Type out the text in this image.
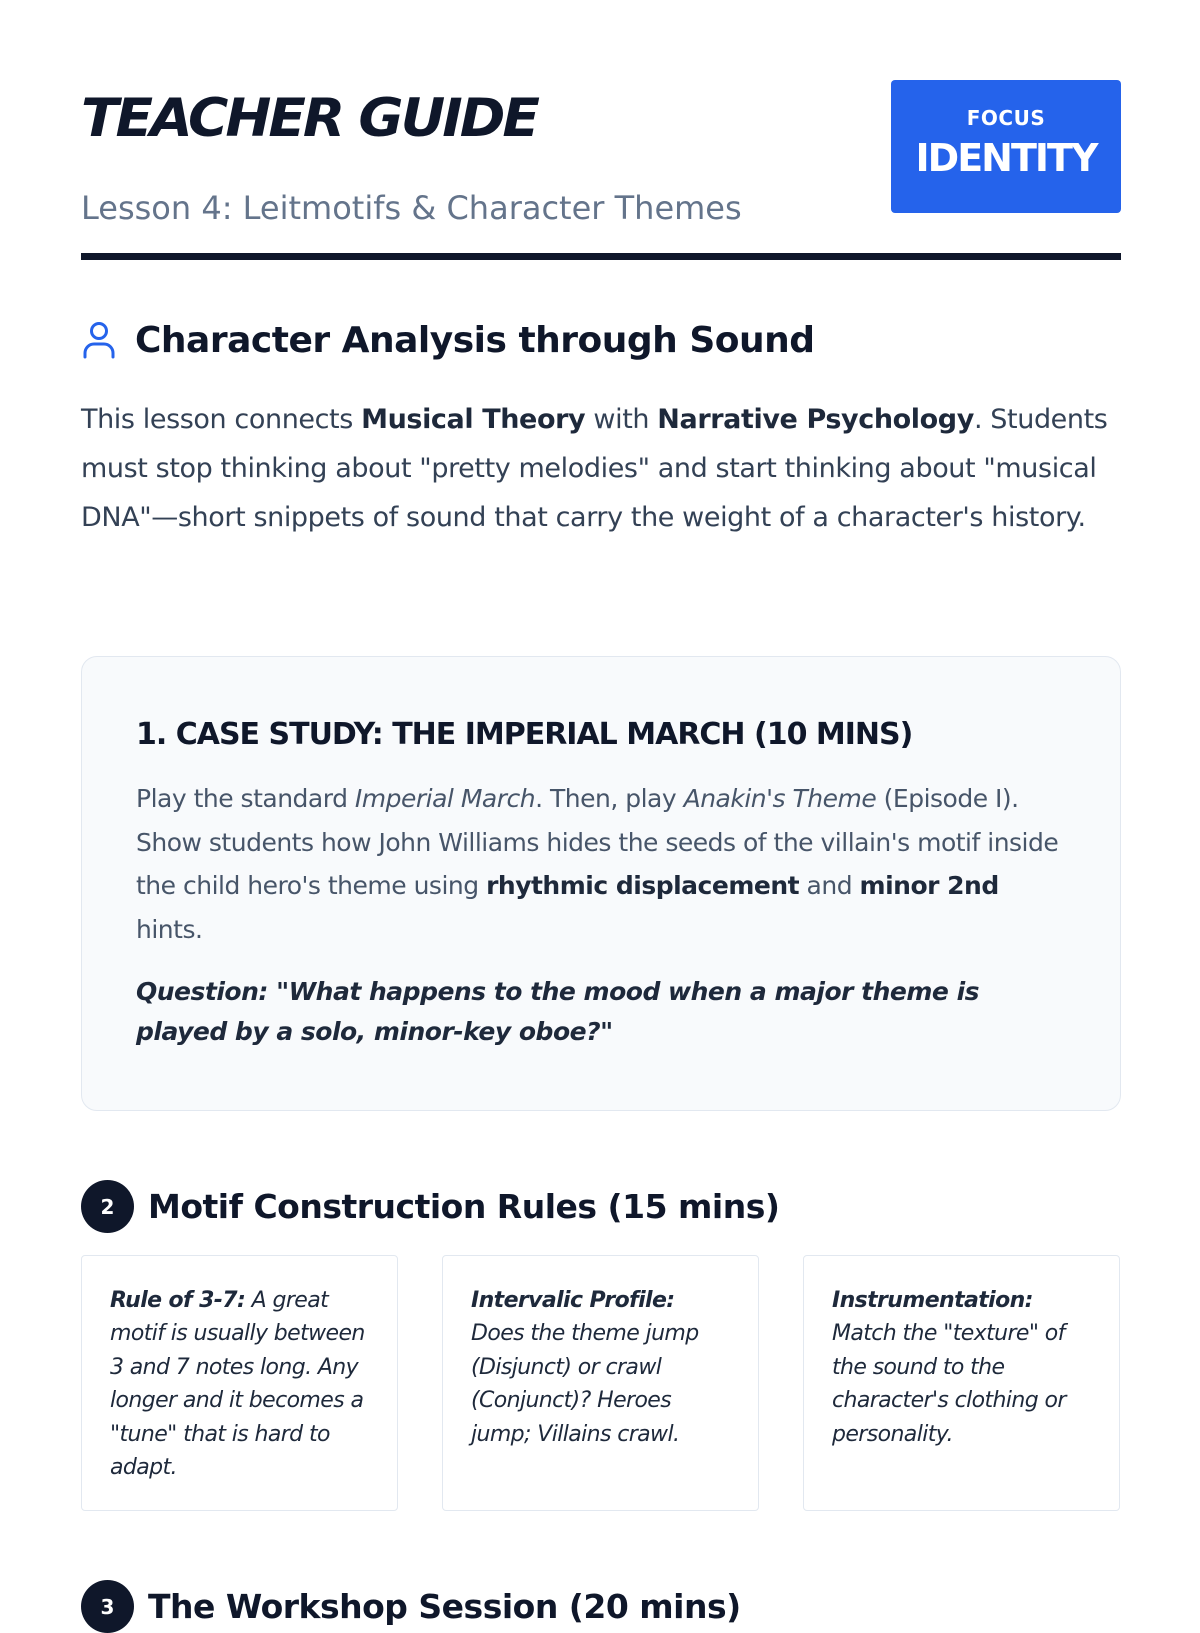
TEACHER GUIDE
Lesson 4: Leitmotifs & Character Themes
FOCUS
IDENTITY
Character Analysis through Sound

This lesson connects Musical Theory with Narrative Psychology. Students must stop thinking about "pretty melodies" and start thinking about "musical DNA"—short snippets of sound that carry the weight of a character's history.

1. CASE STUDY: THE IMPERIAL MARCH (10 MINS)

Play the standard Imperial March. Then, play Anakin's Theme (Episode I). Show students how John Williams hides the seeds of the villain's motif inside the child hero's theme using rhythmic displacement and minor 2nd hints.

Question: "What happens to the mood when a major theme is played by a solo, minor-key oboe?"

2	Motif Construction Rules (15 mins)

Rule of 3-7: A great motif is usually between 3 and 7 notes long. Any longer and it becomes a "tune" that is hard to adapt.

Intervalic Profile: Does the theme jump (Disjunct) or crawl (Conjunct)? Heroes jump; Villains crawl.

Instrumentation: Match the "texture" of the sound to the character's clothing or personality.

3	The Workshop Session (20 mins)
